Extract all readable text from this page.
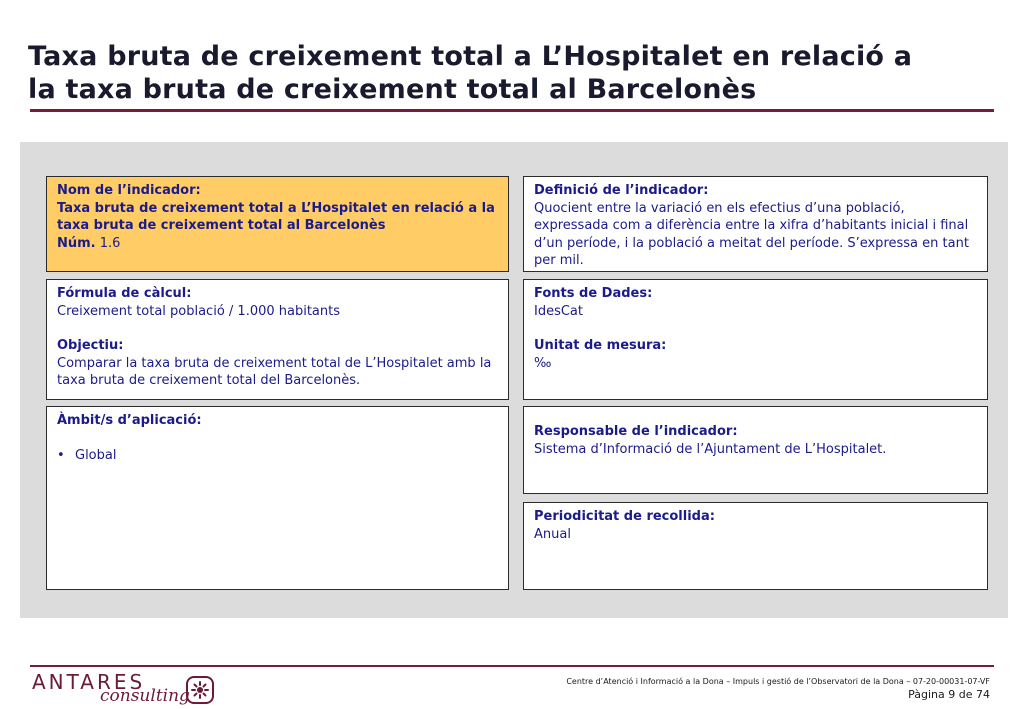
Taxa bruta de creixement total a L’Hospitalet en relació a
la taxa bruta de creixement total al Barcelonès
Nom de l’indicador:
Taxa bruta de creixement total a L’Hospitalet en relació a la taxa bruta de creixement total al Barcelonès
Núm. 1.6
Definició de l’indicador:
Quocient entre la variació en els efectius d’una població, expressada com a diferència entre la xifra d’habitants inicial i final d’un període, i la població a meitat del període. S’expressa en tant per mil.
Fórmula de càlcul:
Creixement total població / 1.000 habitants
Objectiu:
Comparar la taxa bruta de creixement total de L’Hospitalet amb la taxa bruta de creixement total del Barcelonès.
Fonts de Dades:
IdesCat
Unitat de mesura:
‰
Àmbit/s d’aplicació:
• Global
Responsable de l’indicador:
Sistema d’Informació de l’Ajuntament de L’Hospitalet.
Periodicitat de recollida:
Anual
ANTARES
consulting
Centre d’Atenció i Informació a la Dona – Impuls i gestió de l’Observatori de la Dona – 07-20-00031-07-VF
Pàgina 9 de 74
